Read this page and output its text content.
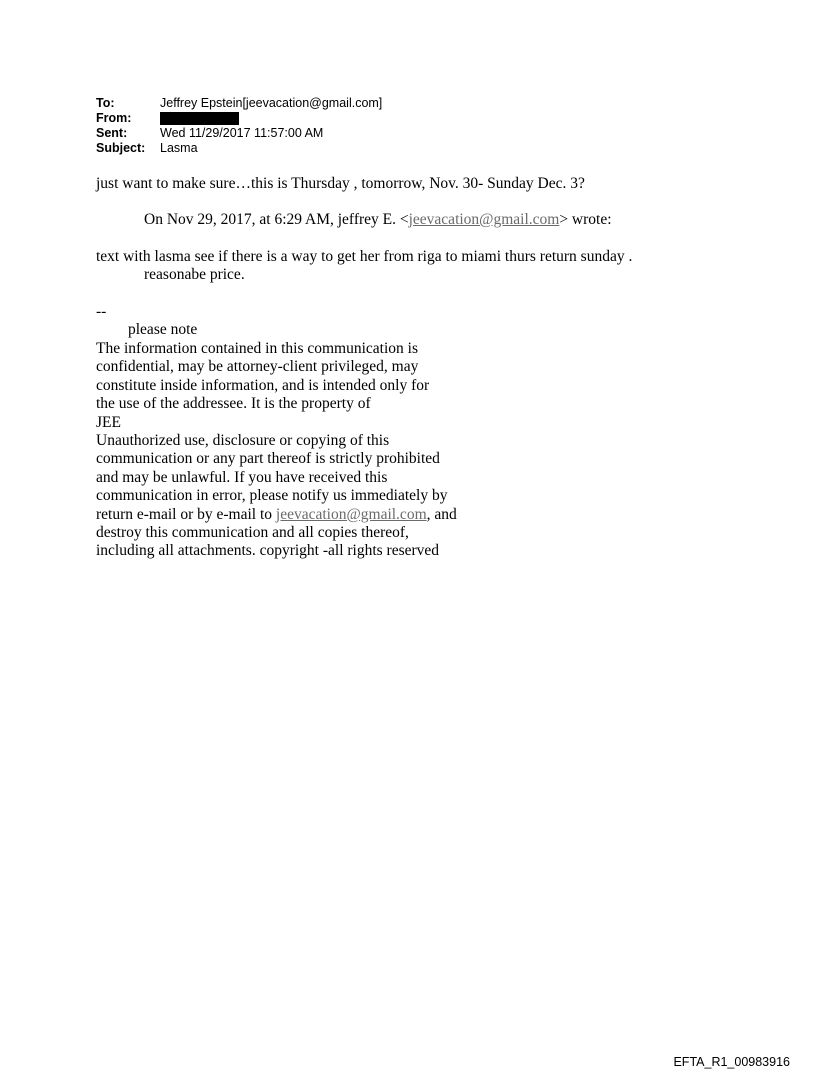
To:	Jeffrey Epstein[jeevacation@gmail.com]
From:
Sent:	Wed 11/29/2017 11:57:00 AM
Subject:	Lasma
just want to make sure…this is Thursday , tomorrow, Nov. 30- Sunday Dec. 3?
On Nov 29, 2017, at 6:29 AM, jeffrey E. <jeevacation@gmail.com> wrote:
text with lasma see if there is a way to get her from riga to miami thurs return sunday .
reasonabe price.
--
please note
The information contained in this communication is
confidential, may be attorney-client privileged, may
constitute inside information, and is intended only for
the use of the addressee. It is the property of
JEE
Unauthorized use, disclosure or copying of this
communication or any part thereof is strictly prohibited
and may be unlawful. If you have received this
communication in error, please notify us immediately by
return e-mail or by e-mail to jeevacation@gmail.com, and
destroy this communication and all copies thereof,
including all attachments. copyright -all rights reserved
EFTA_R1_00983916
